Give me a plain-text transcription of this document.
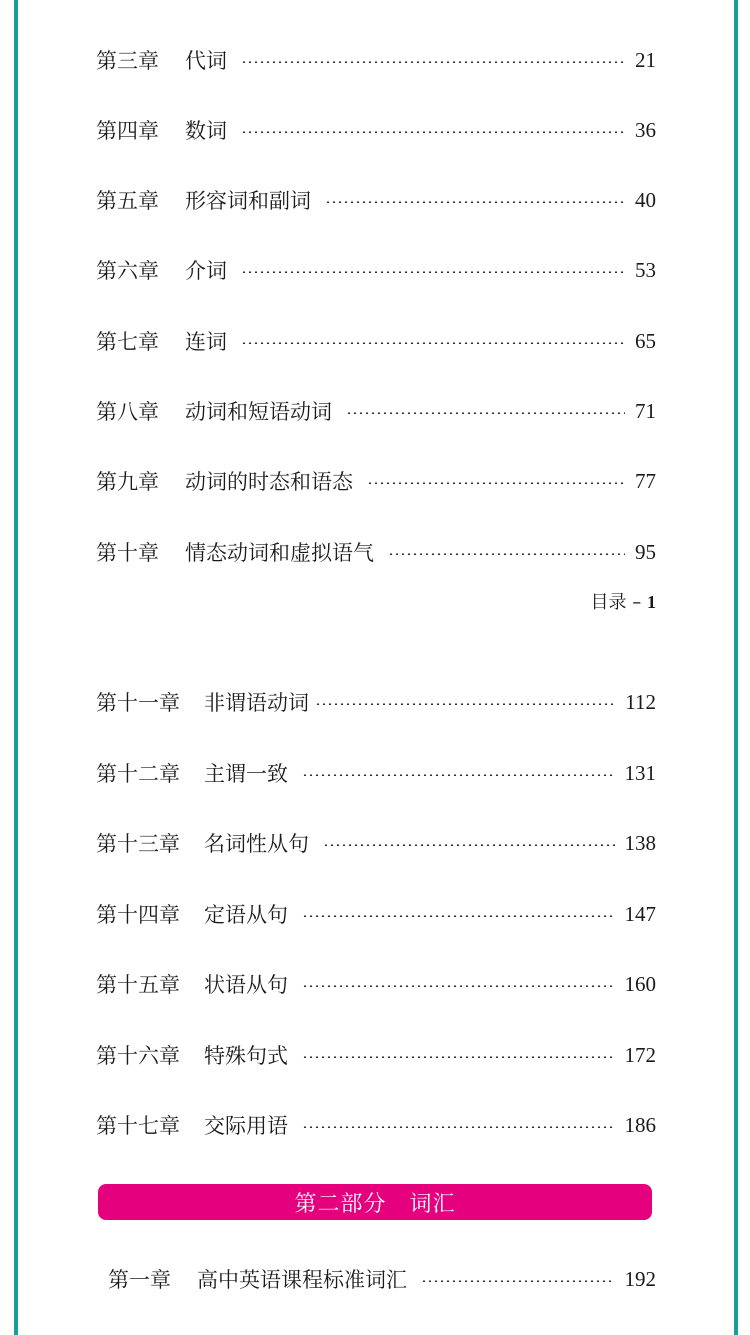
第三章 代词	21
第四章 数词	36
第五章 形容词和副词	40
第六章 介词	53
第七章 连词	65
第八章 动词和短语动词	71
第九章 动词的时态和语态	77
第十章 情态动词和虚拟语气	95
目录 – 1
第十一章 非谓语动词	112
第十二章 主谓一致	131
第十三章 名词性从句	138
第十四章 定语从句	147
第十五章 状语从句	160
第十六章 特殊句式	172
第十七章 交际用语	186
第二部分　词汇
第一章 高中英语课程标准词汇	192
